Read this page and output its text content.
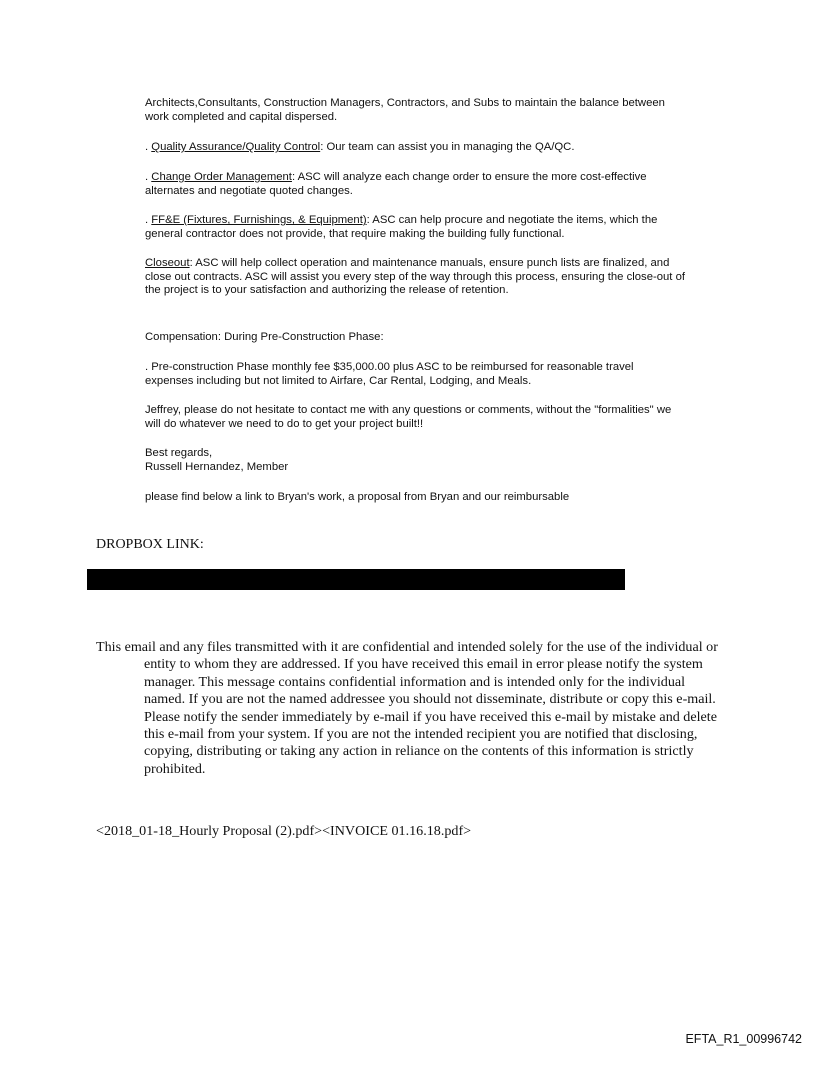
Architects,Consultants, Construction Managers, Contractors, and Subs to maintain the balance between work completed and capital dispersed.

. Quality Assurance/Quality Control: Our team can assist you in managing the QA/QC.

. Change Order Management: ASC will analyze each change order to ensure the more cost-effective alternates and negotiate quoted changes.

. FF&E (Fixtures, Furnishings, & Equipment): ASC can help procure and negotiate the items, which the general contractor does not provide, that require making the building fully functional.

Closeout: ASC will help collect operation and maintenance manuals, ensure punch lists are finalized, and close out contracts. ASC will assist you every step of the way through this process, ensuring the close-out of the project is to your satisfaction and authorizing the release of retention.

Compensation: During Pre-Construction Phase:

. Pre-construction Phase monthly fee $35,000.00 plus ASC to be reimbursed for reasonable travel expenses including but not limited to Airfare, Car Rental, Lodging, and Meals.

Jeffrey, please do not hesitate to contact me with any questions or comments, without the "formalities" we will do whatever we need to do to get your project built!!

Best regards,
Russell Hernandez, Member

please find below a link to Bryan's work, a proposal from Bryan and our reimbursable

DROPBOX LINK:

This email and any files transmitted with it are confidential and intended solely for the use of the individual or entity to whom they are addressed. If you have received this email in error please notify the system manager. This message contains confidential information and is intended only for the individual named. If you are not the named addressee you should not disseminate, distribute or copy this e-mail. Please notify the sender immediately by e-mail if you have received this e-mail by mistake and delete this e-mail from your system. If you are not the intended recipient you are notified that disclosing, copying, distributing or taking any action in reliance on the contents of this information is strictly prohibited.

<2018_01-18_Hourly Proposal (2).pdf><INVOICE 01.16.18.pdf>

EFTA_R1_00996742
